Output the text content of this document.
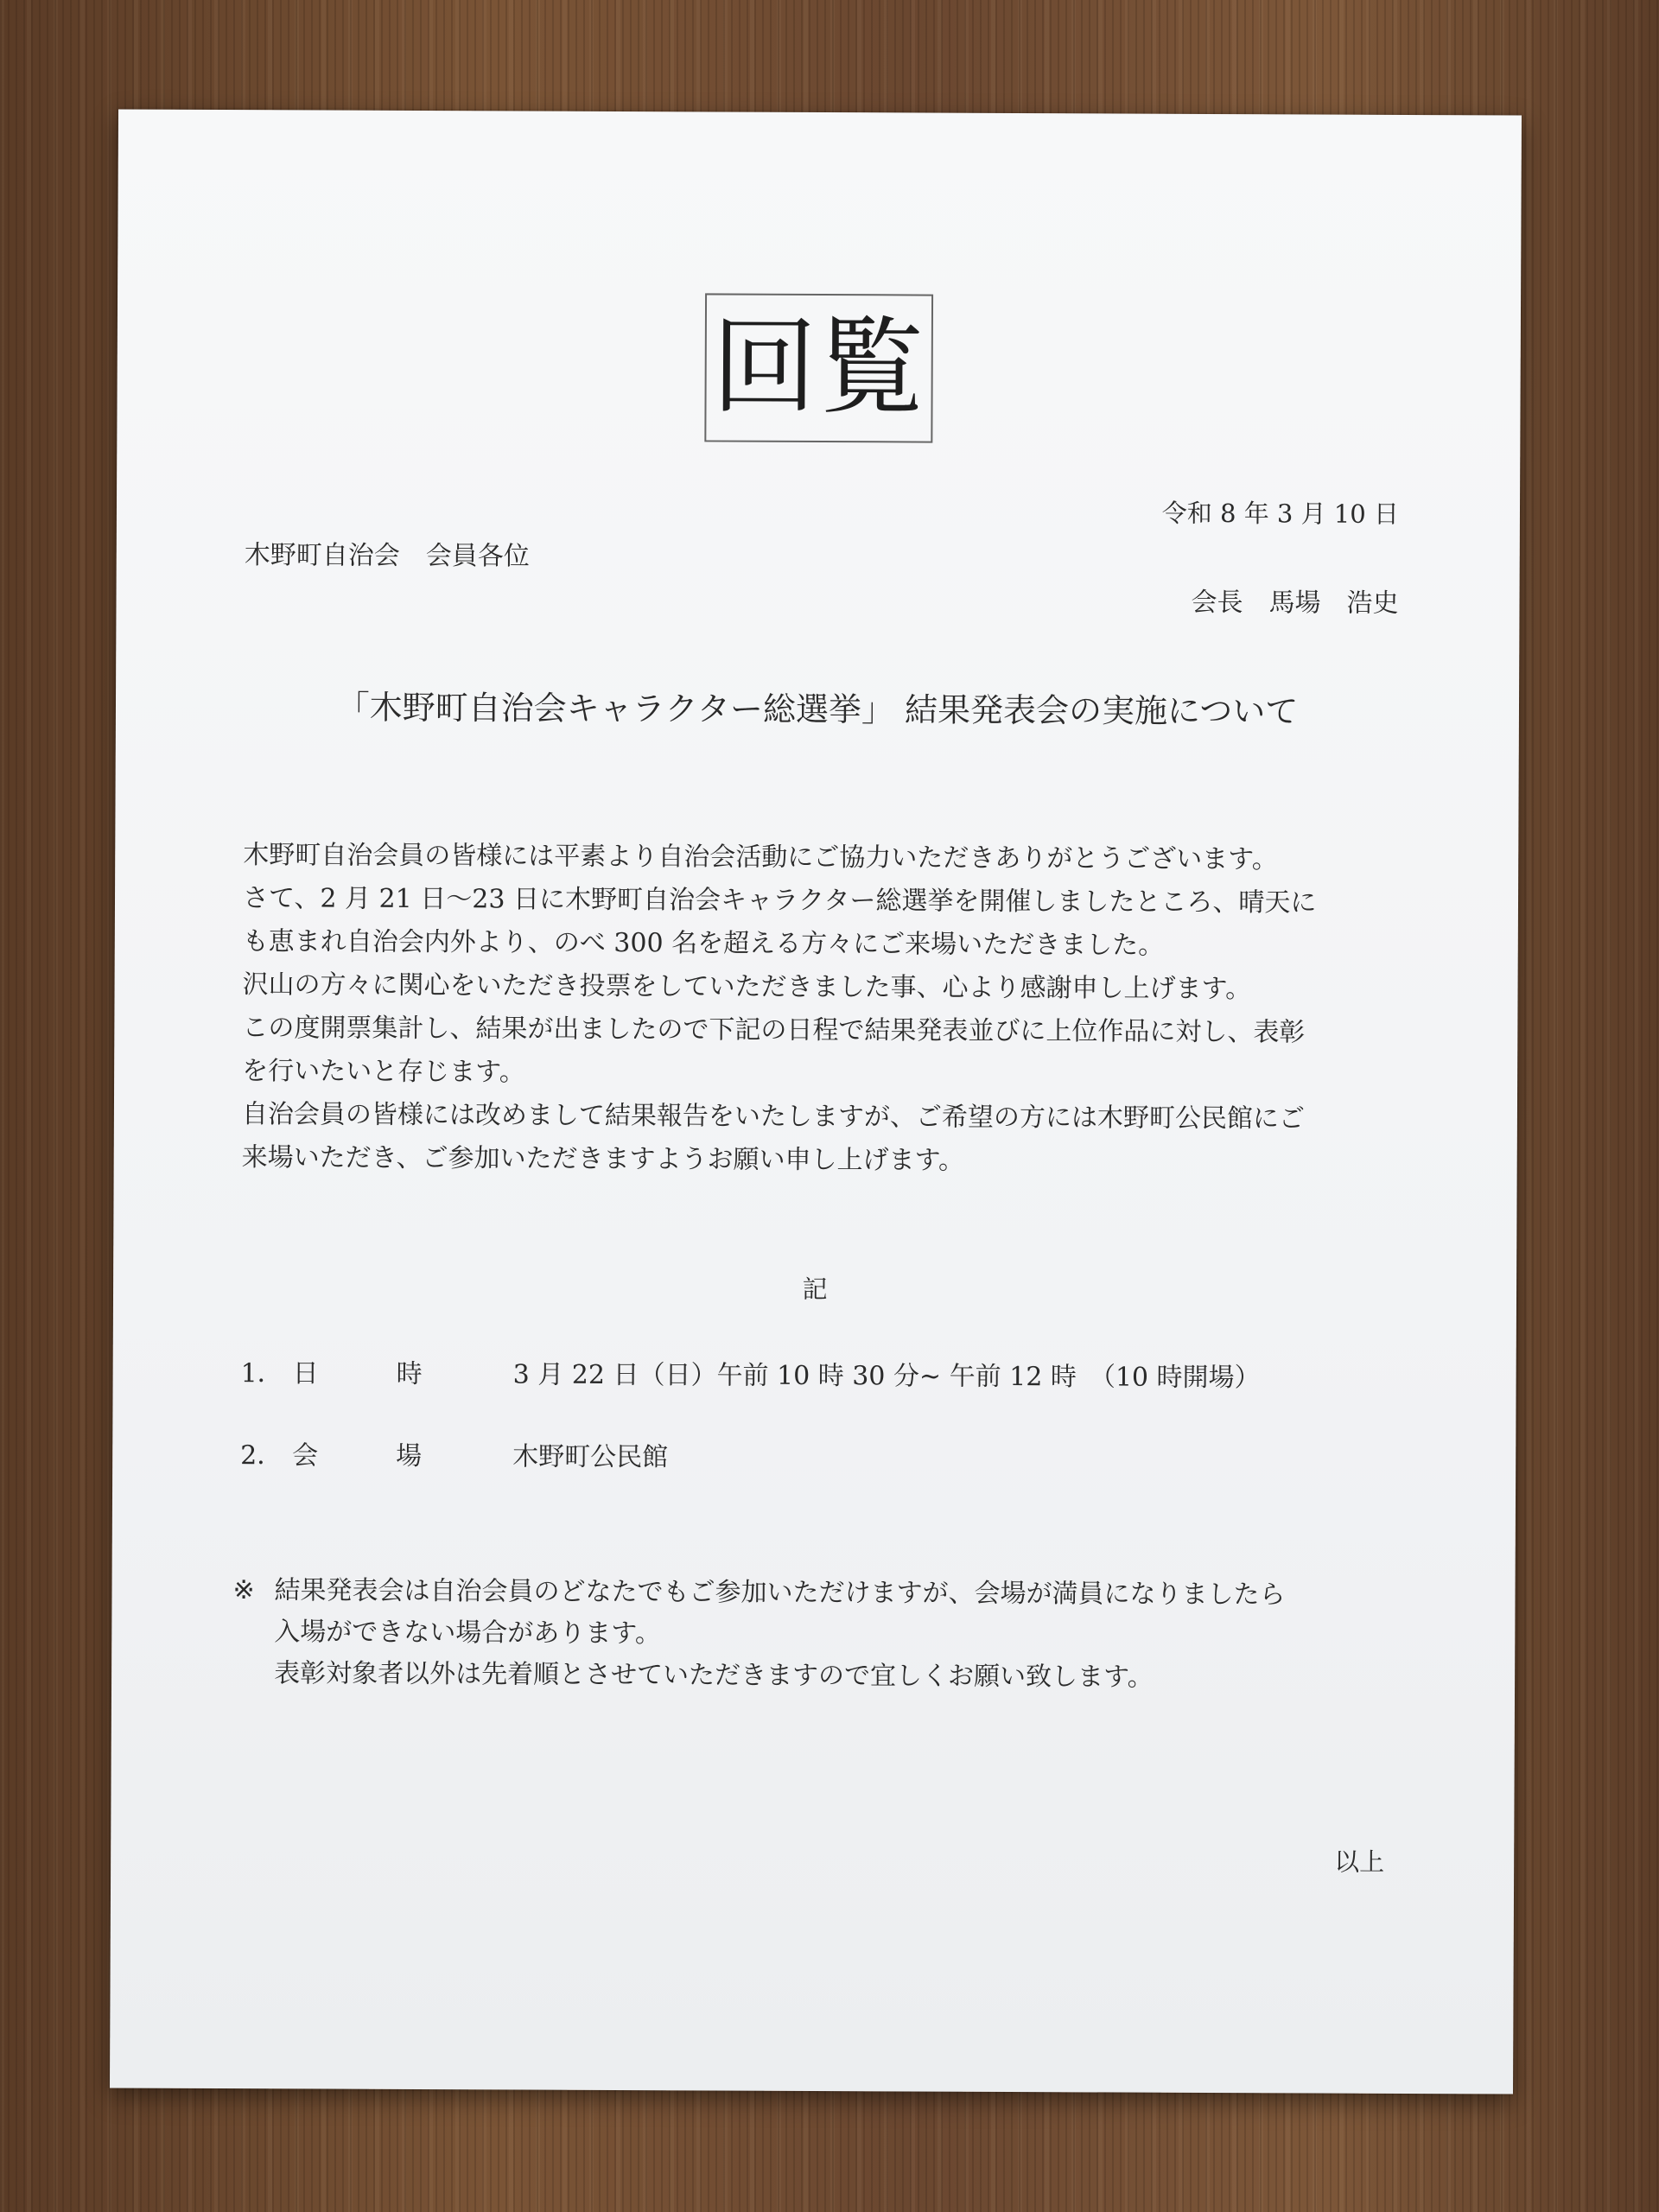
回覧
令和 8 年 3 月 10 日
木野町自治会　会員各位
会長　馬場　浩史
「木野町自治会キャラクター総選挙」 結果発表会の実施について

木野町自治会員の皆様には平素より自治会活動にご協力いただきありがとうございます。

さて、2 月 21 日～23 日に木野町自治会キャラクター総選挙を開催しましたところ、晴天に

も恵まれ自治会内外より、のべ 300 名を超える方々にご来場いただきました。

沢山の方々に関心をいただき投票をしていただきました事、心より感謝申し上げます。

この度開票集計し、結果が出ましたので下記の日程で結果発表並びに上位作品に対し、表彰

を行いたいと存じます。

自治会員の皆様には改めまして結果報告をいたしますが、ご希望の方には木野町公民館にご

来場いただき、ご参加いただきますようお願い申し上げます。

記
1． 日　　　時	3 月 22 日（日）午前 10 時 30 分~ 午前 12 時　（10 時開場）
2． 会　　　場	木野町公民館
※ 結果発表会は自治会員のどなたでもご参加いただけますが、会場が満員になりましたら

入場ができない場合があります。

表彰対象者以外は先着順とさせていただきますので宜しくお願い致します。

以上
